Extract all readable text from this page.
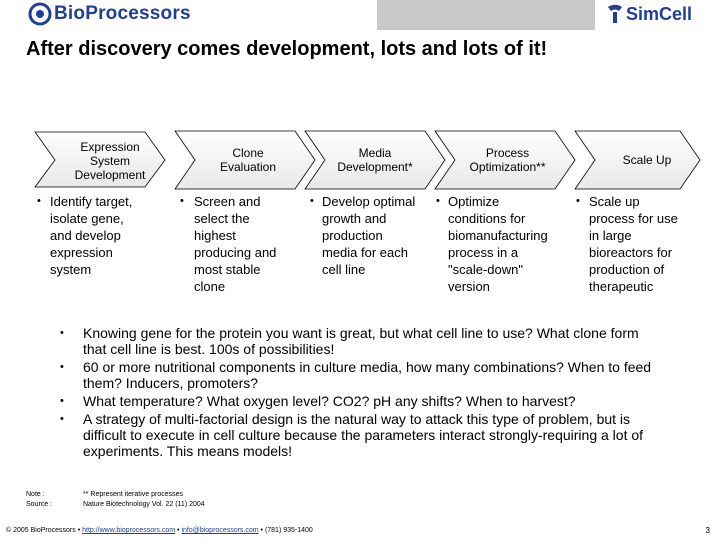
BioProcessors	SimCell
After discovery comes development, lots and lots of it!
Expression
System
Development
Clone
Evaluation
Media
Development*
Process
Optimization**	Scale Up
• Identify target,
isolate gene,
and develop
expression
system
• Screen and
select the
highest
producing and
most stable
clone
• Develop optimal
growth and
production
media for each
cell line
• Optimize
conditions for
biomanufacturing
process in a
"scale-down"
version
• Scale up
process for use
in large
bioreactors for
production of
therapeutic
• Knowing gene for the protein you want is great, but what cell line to use? What clone form that cell line is best. 100s of possibilities!
• 60 or more nutritional components in culture media, how many combinations? When to feed them? Inducers, promoters?
• What temperature? What oxygen level? CO2? pH any shifts? When to harvest?
• A strategy of multi-factorial design is the natural way to attack this type of problem, but is difficult to execute in cell culture because the parameters interact strongly-requiring a lot of experiments. This means models!
Note :	** Represent iterative processes
Source :	Nature Biotechnology Vol. 22 (11) 2004
© 2005 BioProcessors • http://www.bioprocessors.com • info@bioprocessors.com • (781) 935-1400	3
